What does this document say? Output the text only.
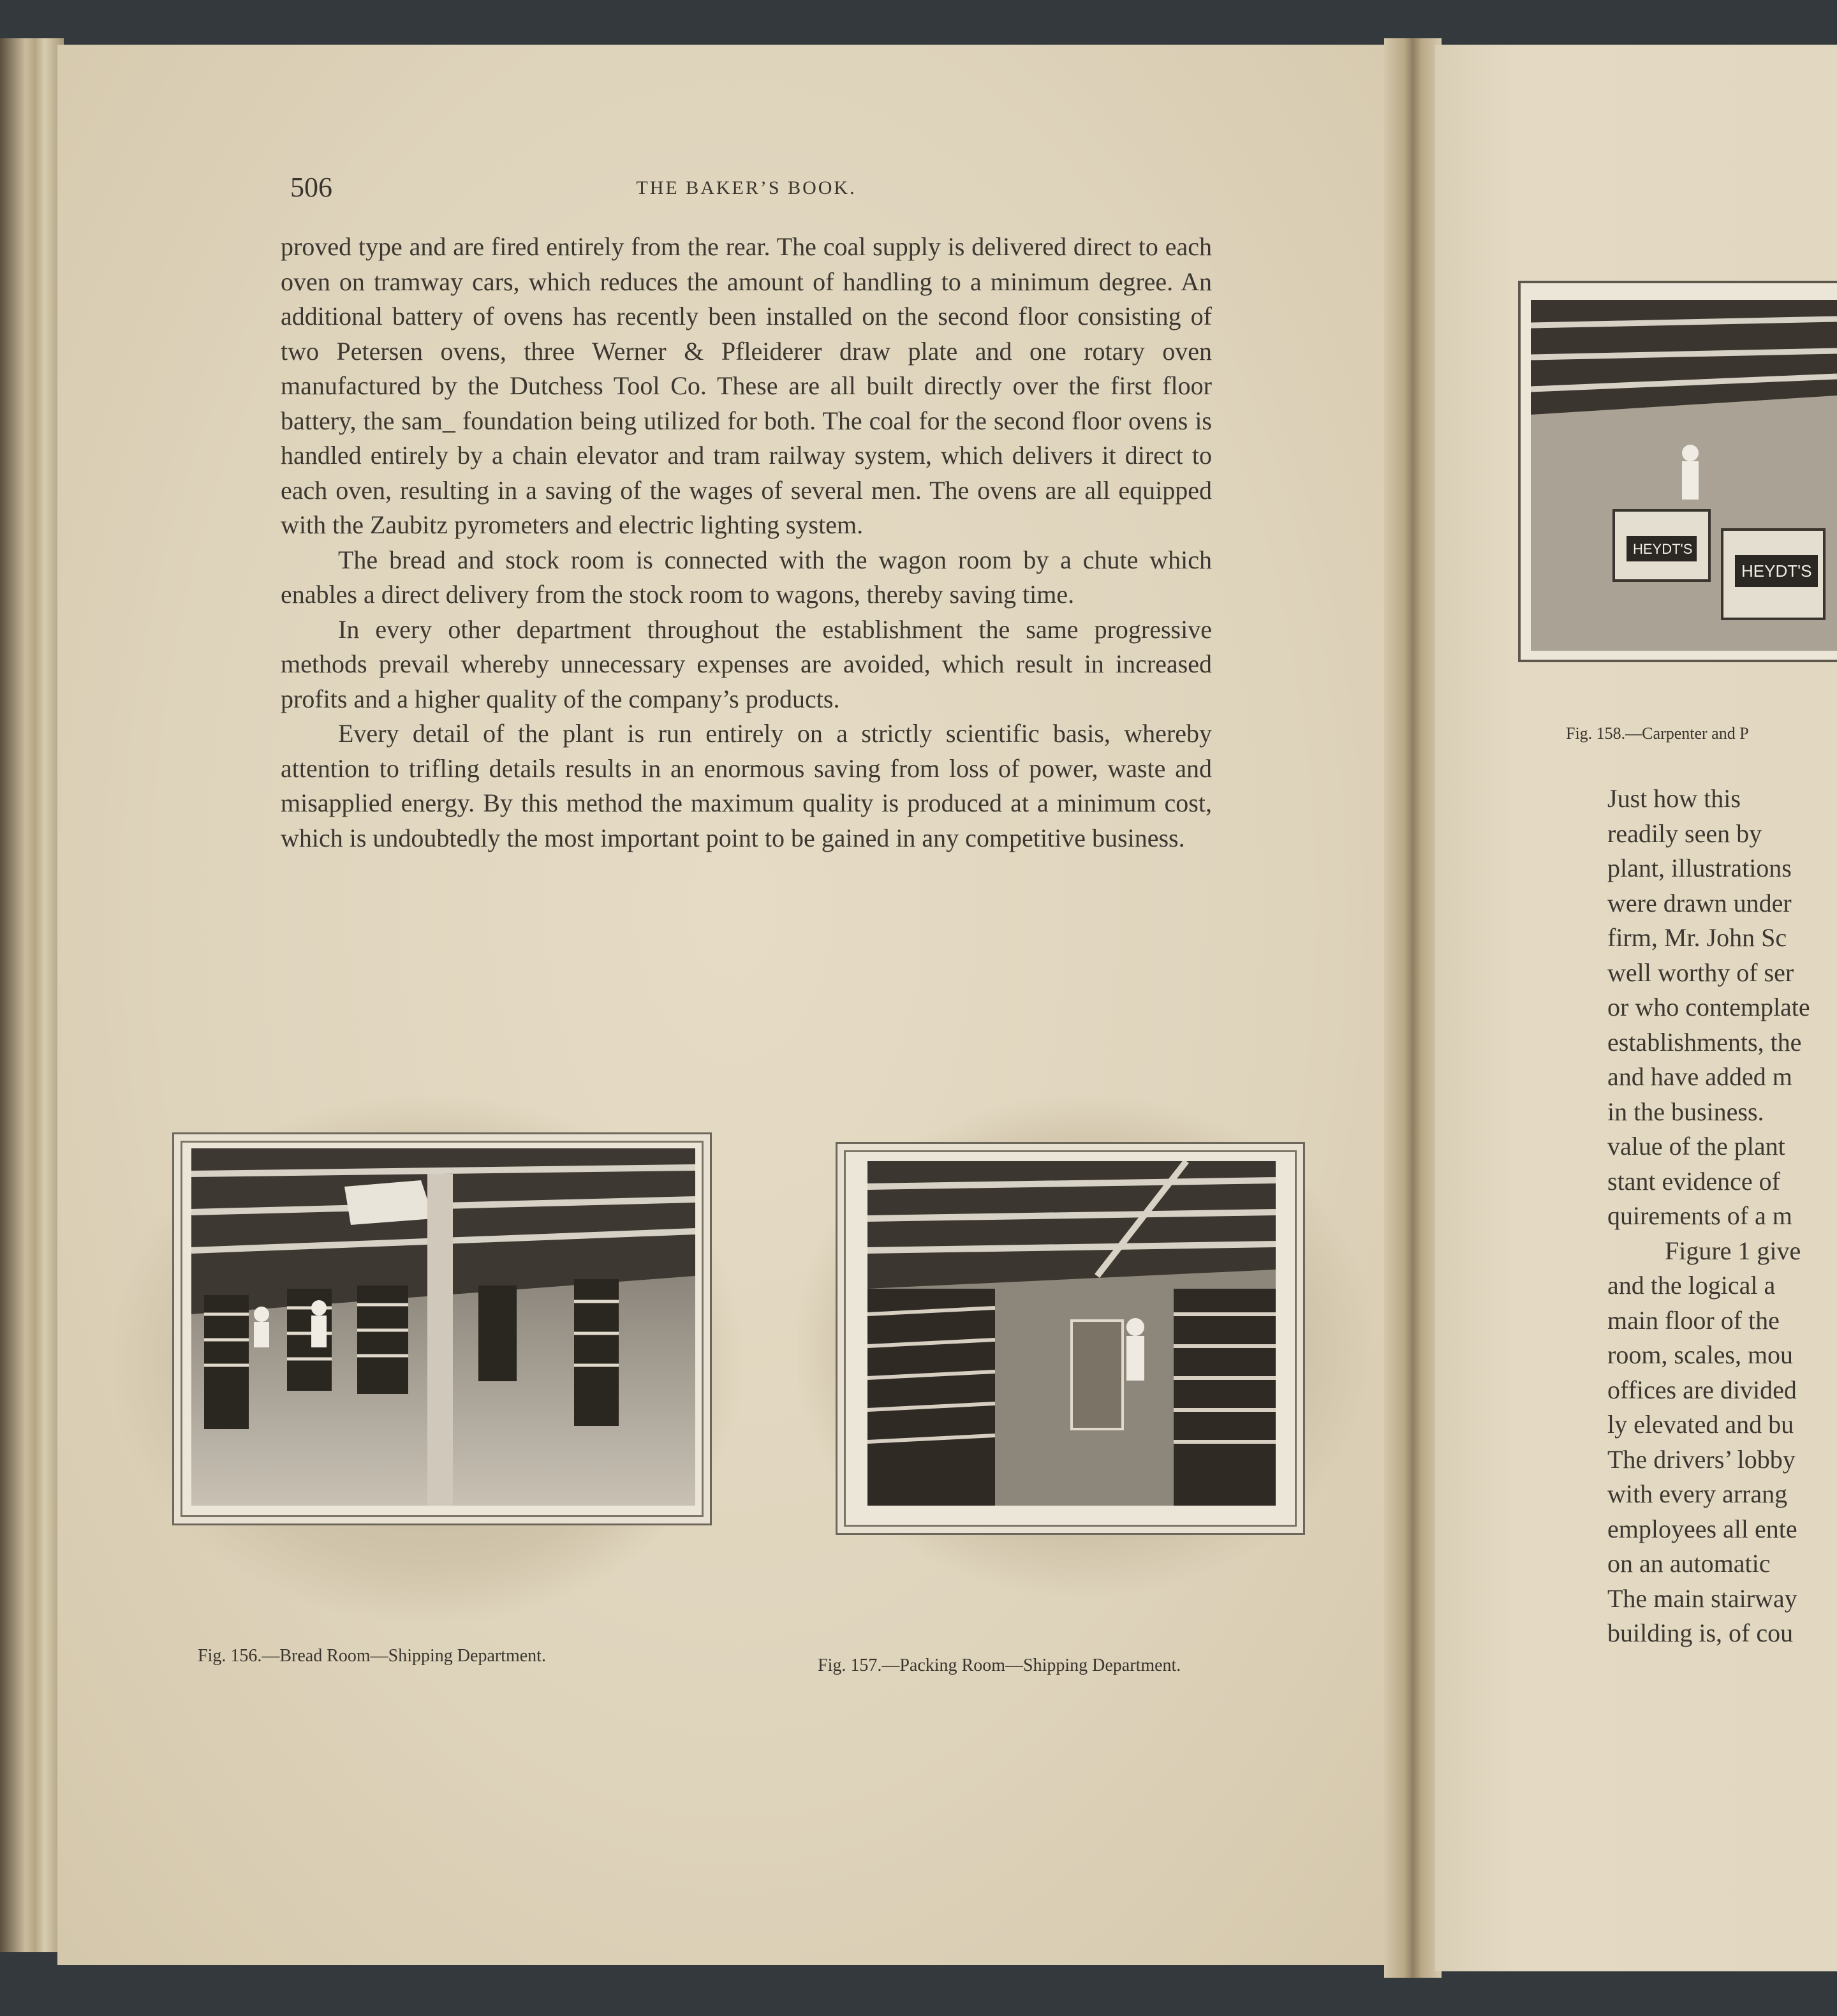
506	THE BAKER’S BOOK.

proved type and are fired entirely from the rear. The coal supply is delivered direct to each oven on tramway cars, which reduces the amount of handling to a minimum degree. An additional battery of ovens has recently been installed on the second floor consisting of two Petersen ovens, three Werner & Pfleiderer draw plate and one rotary oven manufactured by the Dutchess Tool Co. These are all built directly over the first floor battery, the sam_ foundation being utilized for both. The coal for the second floor ovens is handled entirely by a chain elevator and tram railway system, which delivers it direct to each oven, resulting in a saving of the wages of several men. The ovens are all equipped with the Zaubitz pyrometers and electric lighting system.

The bread and stock room is connected with the wagon room by a chute which enables a direct delivery from the stock room to wagons, thereby saving time.

In every other department throughout the establishment the same progressive methods prevail whereby unnecessary expenses are avoided, which result in increased profits and a higher quality of the company’s products.

Every detail of the plant is run entirely on a strictly scientific basis, whereby attention to trifling details results in an enormous saving from loss of power, waste and misapplied energy. By this method the maximum quality is produced at a minimum cost, which is undoubtedly the most important point to be gained in any competitive business.

Fig. 156.—Bread Room—Shipping Department.	Fig. 157.—Packing Room—Shipping Department.
HEYDT'S
HEYDT'S
Fig. 158.—Carpenter and P
Just how this
readily seen by
plant, illustrations
were drawn under
firm, Mr. John Sc
well worthy of ser
or who contemplate
establishments, the
and have added m
in the business.
value of the plant
stant evidence of
quirements of a m
Figure 1 give
and the logical a
main floor of the
room, scales, mou
offices are divided
ly elevated and bu
The drivers’ lobby
with every arrang
employees all ente
on an automatic
The main stairway
building is, of cou
